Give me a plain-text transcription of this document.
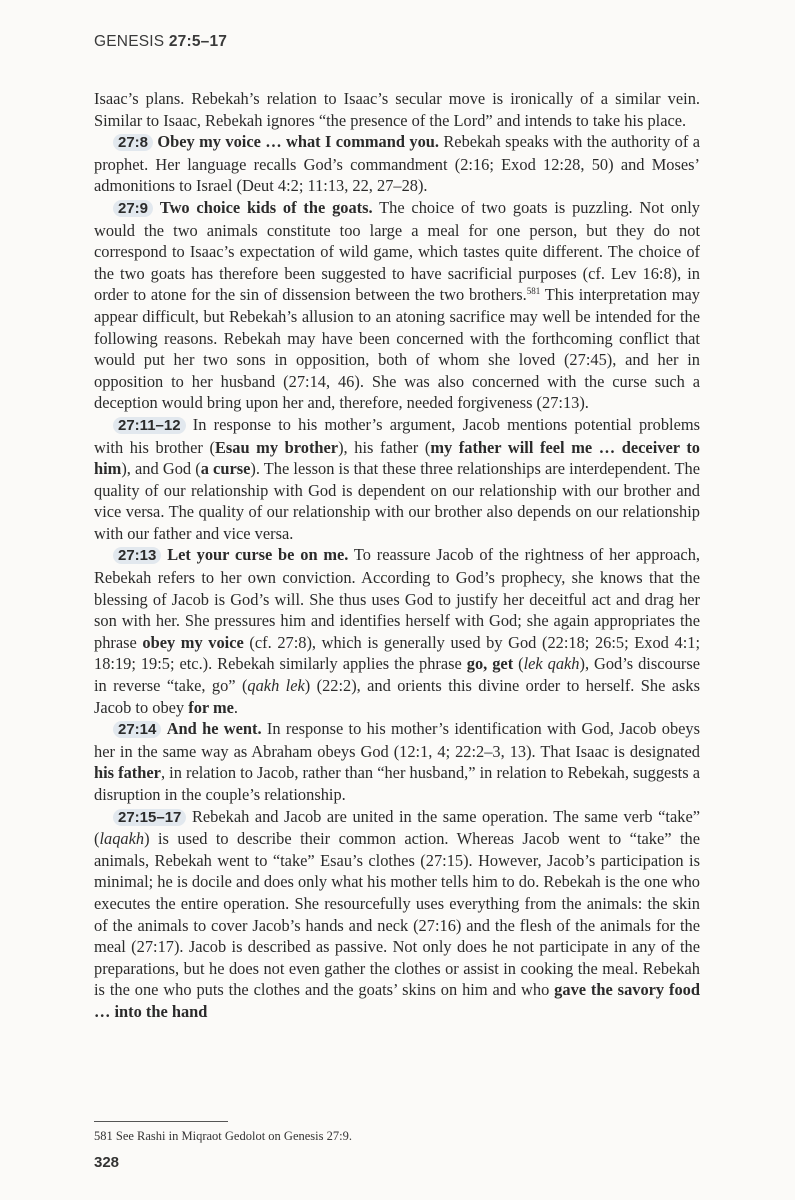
GENESIS 27:5–17

Isaac’s plans. Rebekah’s relation to Isaac’s secular move is ironically of a similar vein. Similar to Isaac, Rebekah ignores “the presence of the Lord” and intends to take his place.

27:8 Obey my voice … what I command you. Rebekah speaks with the authority of a prophet. Her language recalls God’s commandment (2:16; Exod 12:28, 50) and Moses’ admonitions to Israel (Deut 4:2; 11:13, 22, 27–28).

27:9 Two choice kids of the goats. The choice of two goats is puzzling. Not only would the two animals constitute too large a meal for one person, but they do not correspond to Isaac’s expectation of wild game, which tastes quite different. The choice of the two goats has therefore been suggested to have sacrificial purposes (cf. Lev 16:8), in order to atone for the sin of dissension between the two brothers.$^{581}$ This interpretation may appear difficult, but Rebekah’s allusion to an atoning sacrifice may well be intended for the following reasons. Rebekah may have been concerned with the forthcoming conflict that would put her two sons in opposition, both of whom she loved (27:45), and her in opposition to her husband (27:14, 46). She was also concerned with the curse such a deception would bring upon her and, therefore, needed forgiveness (27:13).

27:11–12 In response to his mother’s argument, Jacob mentions potential problems with his brother (Esau my brother), his father (my father will feel me … deceiver to him), and God (a curse). The lesson is that these three relationships are interdependent. The quality of our relationship with God is dependent on our relationship with our brother and vice versa. The quality of our relationship with our brother also depends on our relationship with our father and vice versa.

27:13 Let your curse be on me. To reassure Jacob of the rightness of her approach, Rebekah refers to her own conviction. According to God’s prophecy, she knows that the blessing of Jacob is God’s will. She thus uses God to justify her deceitful act and drag her son with her. She pressures him and identifies herself with God; she again appropriates the phrase obey my voice (cf. 27:8), which is generally used by God (22:18; 26:5; Exod 4:1; 18:19; 19:5; etc.). Rebekah similarly applies the phrase go, get (lek qakh), God’s discourse in reverse “take, go” (qakh lek) (22:2), and orients this divine order to herself. She asks Jacob to obey for me.

27:14 And he went. In response to his mother’s identification with God, Jacob obeys her in the same way as Abraham obeys God (12:1, 4; 22:2–3, 13). That Isaac is designated his father, in relation to Jacob, rather than “her husband,” in relation to Rebekah, suggests a disruption in the couple’s relationship.

27:15–17 Rebekah and Jacob are united in the same operation. The same verb “take” (laqakh) is used to describe their common action. Whereas Jacob went to “take” the animals, Rebekah went to “take” Esau’s clothes (27:15). However, Jacob’s participation is minimal; he is docile and does only what his mother tells him to do. Rebekah is the one who executes the entire operation. She resourcefully uses everything from the animals: the skin of the animals to cover Jacob’s hands and neck (27:16) and the flesh of the animals for the meal (27:17). Jacob is described as passive. Not only does he not participate in any of the preparations, but he does not even gather the clothes or assist in cooking the meal. Rebekah is the one who puts the clothes and the goats’ skins on him and who gave the savory food … into the hand

581 See Rashi in Miqraot Gedolot on Genesis 27:9.
328
